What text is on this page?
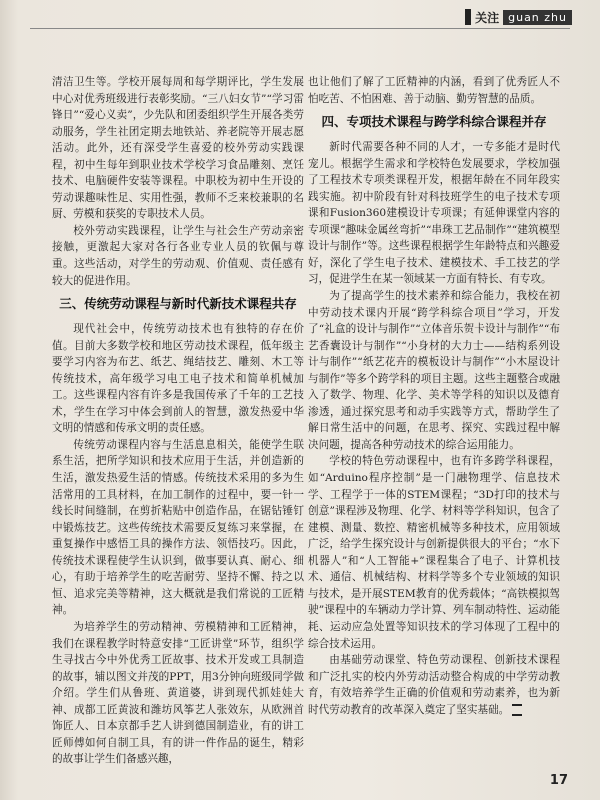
关注 guan zhu

清洁卫生等。学校开展每周和每学期评比，学生发展中心对优秀班级进行表彰奖励。“三八妇女节”“学习雷锋日”“爱心义卖”，少先队和团委组织学生开展各类劳动服务，学生社团定期去地铁站、养老院等开展志愿活动。此外，还有深受学生喜爱的校外劳动实践课程，初中生每年到职业技术学校学习食品雕刻、烹饪技术、电脑硬件安装等课程。中职校为初中生开设的劳动课趣味性足、实用性强，教师不乏来校兼职的名厨、劳模和获奖的专职技术人员。

校外劳动实践课程，让学生与社会生产劳动亲密接触，更激起大家对各行各业专业人员的钦佩与尊重。这些活动，对学生的劳动观、价值观、责任感有较大的促进作用。

三、传统劳动课程与新时代新技术课程共存

现代社会中，传统劳动技术也有独特的存在价值。目前大多数学校和地区劳动技术课程，低年级主要学习内容为布艺、纸艺、绳结技艺、雕刻、木工等传统技术，高年级学习电工电子技术和简单机械加工。这些课程内容有许多是我国传承了千年的工艺技术，学生在学习中体会到前人的智慧，激发热爱中华文明的情感和传承文明的责任感。

传统劳动课程内容与生活息息相关，能使学生联系生活，把所学知识和技术应用于生活，并创造新的生活，激发热爱生活的情感。传统技术采用的多为生活常用的工具材料，在加工制作的过程中，要一针一线长时间缝制，在剪折粘贴中创造作品，在锯钻锤钉中锻炼技艺。这些传统技术需要反复练习来掌握，在重复操作中感悟工具的操作方法、领悟技巧。因此，传统技术课程使学生认识到，做事要认真、耐心、细心，有助于培养学生的吃苦耐劳、坚持不懈、持之以恒、追求完美等精神，这大概就是我们常说的工匠精神。

为培养学生的劳动精神、劳模精神和工匠精神，我们在课程教学时特意安排“工匠讲堂”环节，组织学生寻找古今中外优秀工匠故事、技术开发或工具制造的故事，辅以图文并茂的PPT，用3分钟向班级同学做介绍。学生们从鲁班、黄道婆，讲到现代抓娃娃大神、成都工匠黄波和潍坊风筝艺人张效东，从欧洲首饰匠人、日本京都手艺人讲到德国制造业，有的讲工匠师傅如何自制工具，有的讲一件作品的诞生，精彩的故事让学生们备感兴趣，

也让他们了解了工匠精神的内涵，看到了优秀匠人不怕吃苦、不怕困难、善于动脑、勤劳智慧的品质。

四、专项技术课程与跨学科综合课程并存

新时代需要各种不同的人才，一专多能才是时代宠儿。根据学生需求和学校特色发展要求，学校加强了工程技术专项类课程开发，根据年龄在不同年段实践实施。初中阶段有针对科技班学生的电子技术专项课和Fusion360建模设计专项课；有延伸课堂内容的专项课“趣味金属丝弯折”“串珠工艺品制作”“建筑模型设计与制作”等。这些课程根据学生年龄特点和兴趣爱好，深化了学生电子技术、建模技术、手工技艺的学习，促进学生在某一领域某一方面有特长、有专攻。

为了提高学生的技术素养和综合能力，我校在初中劳动技术课内开展“跨学科综合项目”学习，开发了“礼盒的设计与制作”“立体音乐贺卡设计与制作”“布艺香囊设计与制作”“小身材的大力士——结构系列设计与制作”“纸艺花卉的模板设计与制作”“小木屋设计与制作”等多个跨学科的项目主题。这些主题整合或融入了数学、物理、化学、美术等学科的知识以及德育渗透，通过探究思考和动手实践等方式，帮助学生了解日常生活中的问题，在思考、探究、实践过程中解决问题，提高各种劳动技术的综合运用能力。

学校的特色劳动课程中，也有许多跨学科课程，如“Arduino程序控制”是一门融物理学、信息技术学、工程学于一体的STEM课程；“3D打印的技术与创意”课程涉及物理、化学、材料等学科知识，包含了建模、测量、数控、精密机械等多种技术，应用领域广泛，给学生探究设计与创新提供很大的平台；“水下机器人”和“人工智能+”课程集合了电子、计算机技术、通信、机械结构、材料学等多个专业领域的知识与技术，是开展STEM教育的优秀载体；“高铁模拟驾驶”课程中的车辆动力学计算、列车制动特性、运动能耗、运动应急处置等知识技术的学习体现了工程中的综合技术运用。

由基础劳动课堂、特色劳动课程、创新技术课程和广泛扎实的校内外劳动活动整合构成的中学劳动教育，有效培养学生正确的价值观和劳动素养，也为新时代劳动教育的改革深入奠定了坚实基础。

17
